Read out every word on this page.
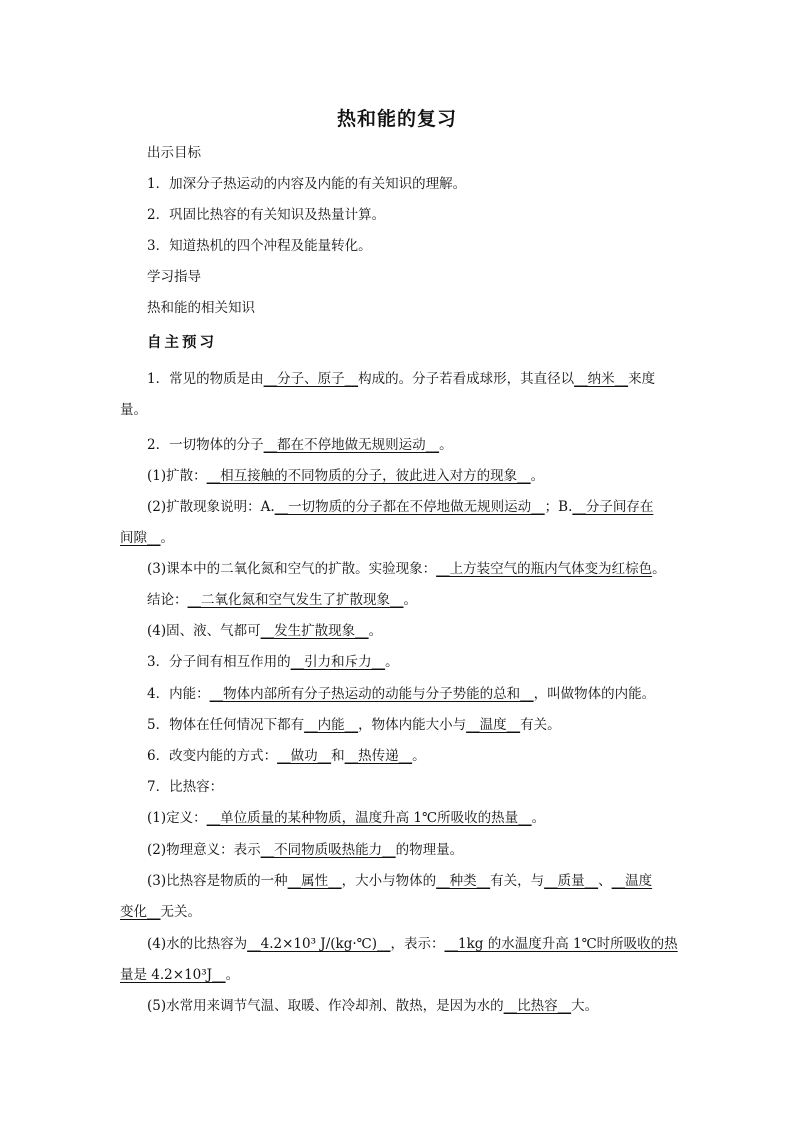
热和能的复习
出示目标
1．加深分子热运动的内容及内能的有关知识的理解。
2．巩固比热容的有关知识及热量计算。
3．知道热机的四个冲程及能量转化。
学习指导
热和能的相关知识
自主预习
1．常见的物质是由__分子、原子__构成的。分子若看成球形，其直径以__纳米__来度
量。
2．一切物体的分子__都在不停地做无规则运动__。
(1)扩散：__相互接触的不同物质的分子，彼此进入对方的现象__。
(2)扩散现象说明：A.__一切物质的分子都在不停地做无规则运动__；B.__分子间存在
间隙__。
(3)课本中的二氧化氮和空气的扩散。实验现象：__上方装空气的瓶内气体变为红棕色。
结论：__二氧化氮和空气发生了扩散现象__。
(4)固、液、气都可__发生扩散现象__。
3．分子间有相互作用的__引力和斥力__。
4．内能：__物体内部所有分子热运动的动能与分子势能的总和__，叫做物体的内能。
5．物体在任何情况下都有__内能__，物体内能大小与__温度__有关。
6．改变内能的方式：__做功__和__热传递__。
7．比热容：
(1)定义：__单位质量的某种物质，温度升高 1℃所吸收的热量__。
(2)物理意义：表示__不同物质吸热能力__的物理量。
(3)比热容是物质的一种__属性__，大小与物体的__种类__有关，与__质量__、__温度
变化__无关。
(4)水的比热容为__4.2×10³ J/(kg·℃)__，表示：__1kg 的水温度升高 1℃时所吸收的热
量是 4.2×10³J__。
(5)水常用来调节气温、取暖、作冷却剂、散热，是因为水的__比热容__大。
